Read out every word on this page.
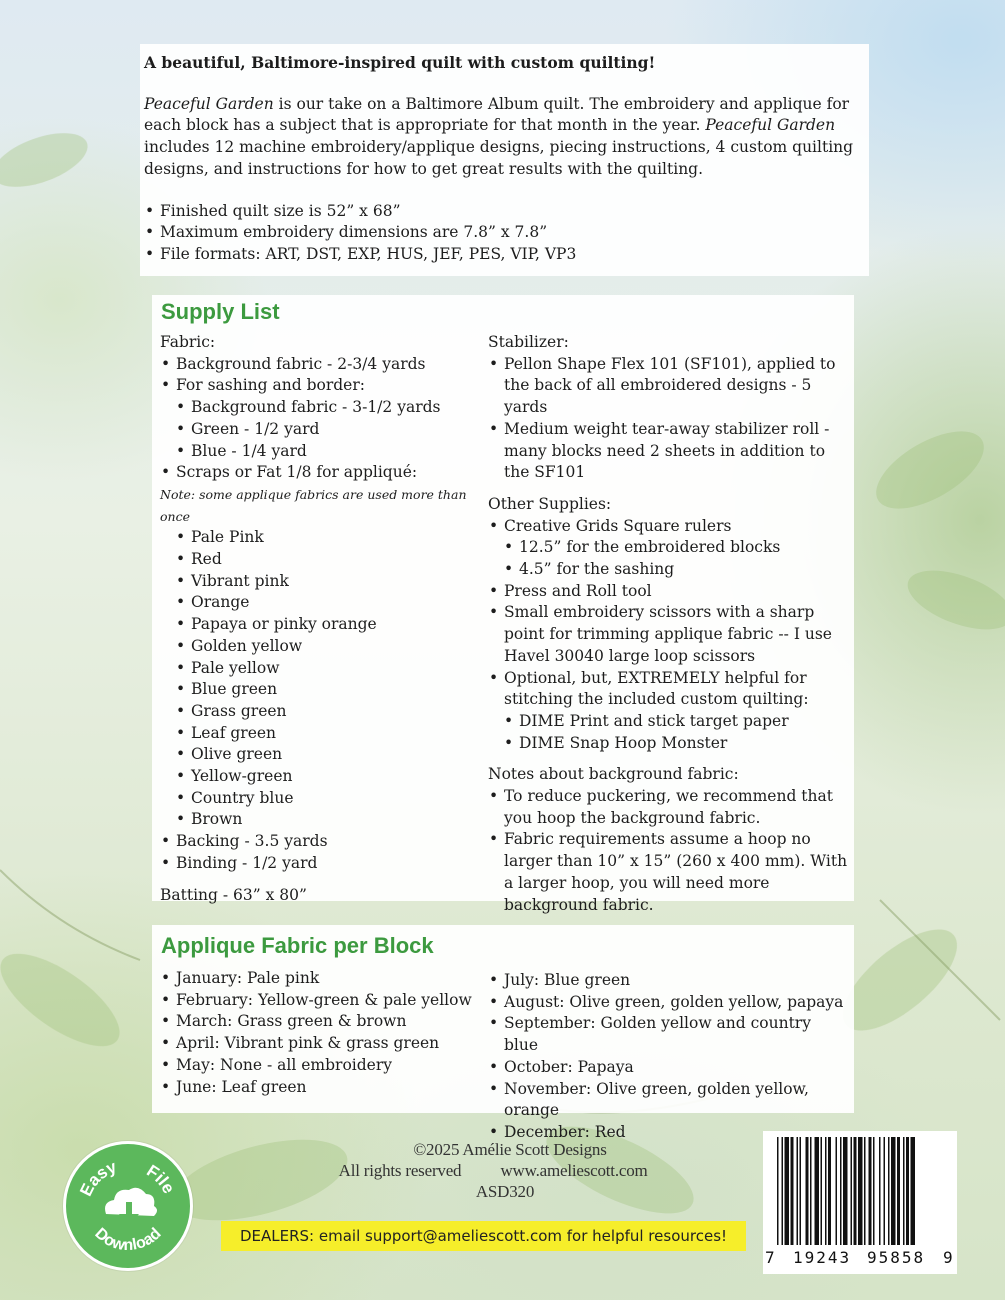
A beautiful, Baltimore-inspired quilt with custom quilting!

Peaceful Garden is our take on a Baltimore Album quilt. The embroidery and applique for each block has a subject that is appropriate for that month in the year. Peaceful Garden includes 12 machine embroidery/applique designs, piecing instructions, 4 custom quilting designs, and instructions for how to get great results with the quilting.

• Finished quilt size is 52” x 68”
• Maximum embroidery dimensions are 7.8” x 7.8”
• File formats: ART, DST, EXP, HUS, JEF, PES, VIP, VP3
Supply List

Fabric:

• Background fabric - 2-3/4 yards
• For sashing and border:
• Background fabric - 3-1/2 yards
• Green - 1/2 yard
• Blue - 1/4 yard
• Scraps or Fat 1/8 for appliqué:
Note: some applique fabrics are used more than once
• Pale Pink
• Red
• Vibrant pink
• Orange
• Papaya or pinky orange
• Golden yellow
• Pale yellow
• Blue green
• Grass green
• Leaf green
• Olive green
• Yellow-green
• Country blue
• Brown
• Backing - 3.5 yards
• Binding - 1/2 yard

Batting - 63” x 80”

Stabilizer:

• Pellon Shape Flex 101 (SF101), applied to the back of all embroidered designs - 5 yards
• Medium weight tear-away stabilizer roll - many blocks need 2 sheets in addition to the SF101

Other Supplies:

• Creative Grids Square rulers
• 12.5” for the embroidered blocks
• 4.5” for the sashing
• Press and Roll tool
• Small embroidery scissors with a sharp point for trimming applique fabric -- I use Havel 30040 large loop scissors
• Optional, but, EXTREMELY helpful for stitching the included custom quilting:
• DIME Print and stick target paper
• DIME Snap Hoop Monster

Notes about background fabric:

• To reduce puckering, we recommend that you hoop the background fabric.
• Fabric requirements assume a hoop no larger than 10” x 15” (260 x 400 mm). With a larger hoop, you will need more background fabric.
Applique Fabric per Block
• January: Pale pink
• February: Yellow-green & pale yellow
• March: Grass green & brown
• April: Vibrant pink & grass green
• May: None - all embroidery
• June: Leaf green
• July: Blue green
• August: Olive green, golden yellow, papaya
• September: Golden yellow and country blue
• October: Papaya
• November: Olive green, golden yellow, orange
• December: Red
©2025 Amélie Scott Designs
All rights reserved	www.ameliescott.com
ASD320
DEALERS: email support@ameliescott.com for helpful resources!
Easy File
Download
7 19243 95858 9
